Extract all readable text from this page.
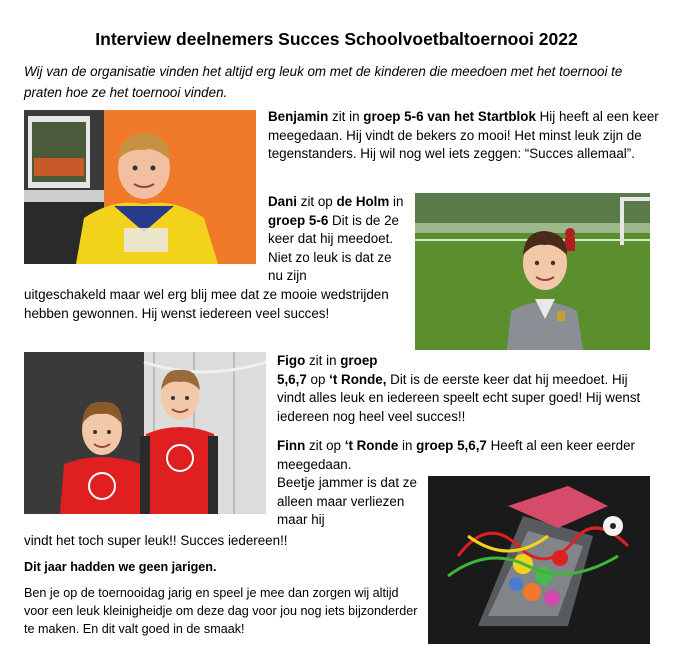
Interview deelnemers Succes Schoolvoetbaltoernooi 2022
Wij van de organisatie vinden het altijd erg leuk om met de kinderen die meedoen met het toernooi te praten hoe ze het toernooi vinden.
Benjamin zit in groep 5-6 van het Startblok Hij heeft al een keer meegedaan. Hij vindt de bekers zo mooi! Het minst leuk zijn de tegenstanders. Hij wil nog wel iets zeggen: “Succes allemaal”.
Dani zit op de Holm in groep 5-6 Dit is de 2e keer dat hij meedoet. Niet zo leuk is dat ze nu zijn
uitgeschakeld maar wel erg blij mee dat ze mooie wedstrijden hebben gewonnen. Hij wenst iedereen veel succes!
Figo zit in groep
5,6,7 op ‘t Ronde, Dit is de eerste keer dat hij meedoet. Hij vindt alles leuk en iedereen speelt echt super goed! Hij wenst iedereen nog heel veel succes!!
Finn zit op ‘t Ronde in groep 5,6,7 Heeft al een keer eerder meegedaan.
Beetje jammer is dat ze alleen maar verliezen maar hij
vindt het toch super leuk!! Succes iedereen!!
Dit jaar hadden we geen jarigen.
Ben je op de toernooidag jarig en speel je mee dan zorgen wij altijd voor een leuk kleinigheidje om deze dag voor jou nog iets bijzonderder te maken. En dit valt goed in de smaak!
